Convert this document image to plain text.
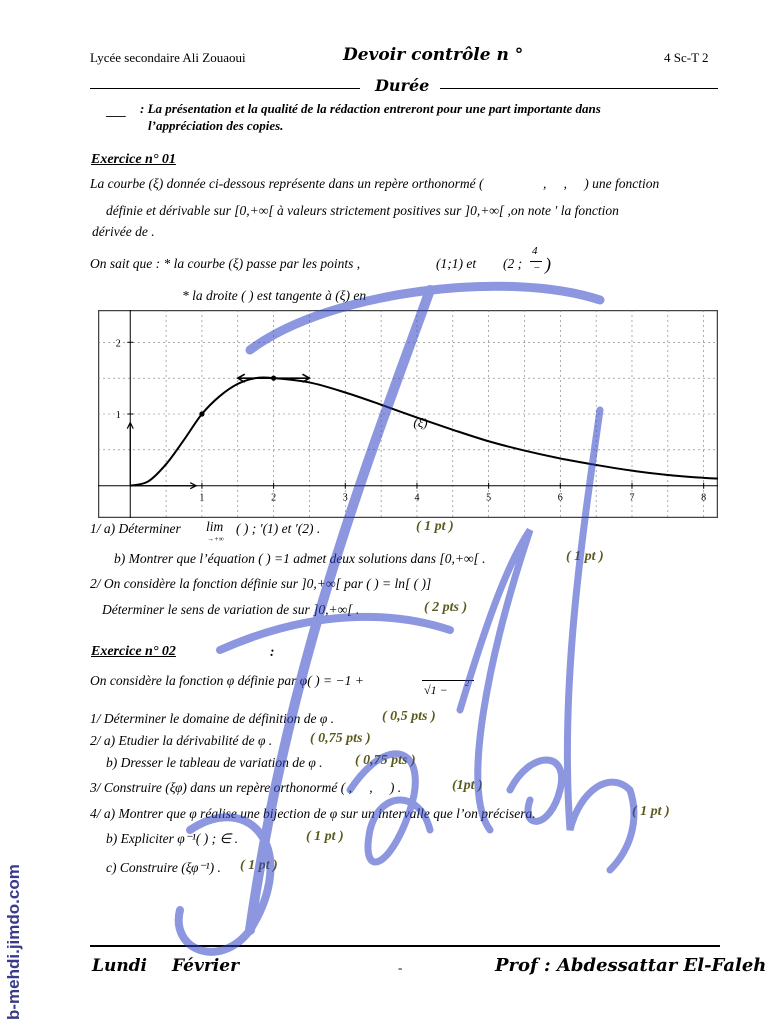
Lycée secondaire Ali Zouaoui	Devoir contrôle n °	4 Sc-T 2
Durée
___ : La présentation et la qualité de la rédaction entreront pour une part importante dans
l’appréciation des copies.
Exercice n° 01
La courbe (ξ) donnée ci-dessous représente dans un repère orthonormé (	, ⃗ , ⃗ ) une fonction
définie et dérivable sur [0,+∞[ à valeurs strictement positives sur ]0,+∞[ ,on note ′ la fonction
dérivée de .
On sait que : * la courbe (ξ) passe par les points ,	(1;1) et (2 ;
4
− )
* la droite ( ) est tangente à (ξ) en
1	2	3	4	5	6	7	8
1
2
(ξ)
1/ a) Déterminer lim
→+∞
( ) ; ′(1) et ′(2) .	( 1 pt )
b) Montrer que l’équation ( ) =1 admet deux solutions dans [0,+∞[ .	( 1 pt )
2/ On considère la fonction définie sur ]0,+∞[ par ( ) = ln[ ( )]
Déterminer le sens de variation de sur ]0,+∞[ .	( 2 pts )
Exercice n° 02	:
On considère la fonction φ définie par φ( ) = −1 +
√1 − 2
1/ Déterminer le domaine de définition de φ .	( 0,5 pts )
2/ a) Etudier la dérivabilité de φ .	( 0,75 pts )
b) Dresser le tableau de variation de φ . ( 0,75 pts )
3/ Construire (ξφ) dans un repère orthonormé ( , ⃗ , ⃗ ) .	(1pt )
4/ a) Montrer que φ réalise une bijection de φ sur un intervalle que l’on précisera.	( 1 pt )
b) Expliciter φ⁻¹( ) ; ∈ .	( 1 pt )
c) Construire (ξφ⁻¹) . ( 1 pt )
Lundi Février	-	Prof : Abdessattar El-Faleh
b-mehdi.jimdo.com
